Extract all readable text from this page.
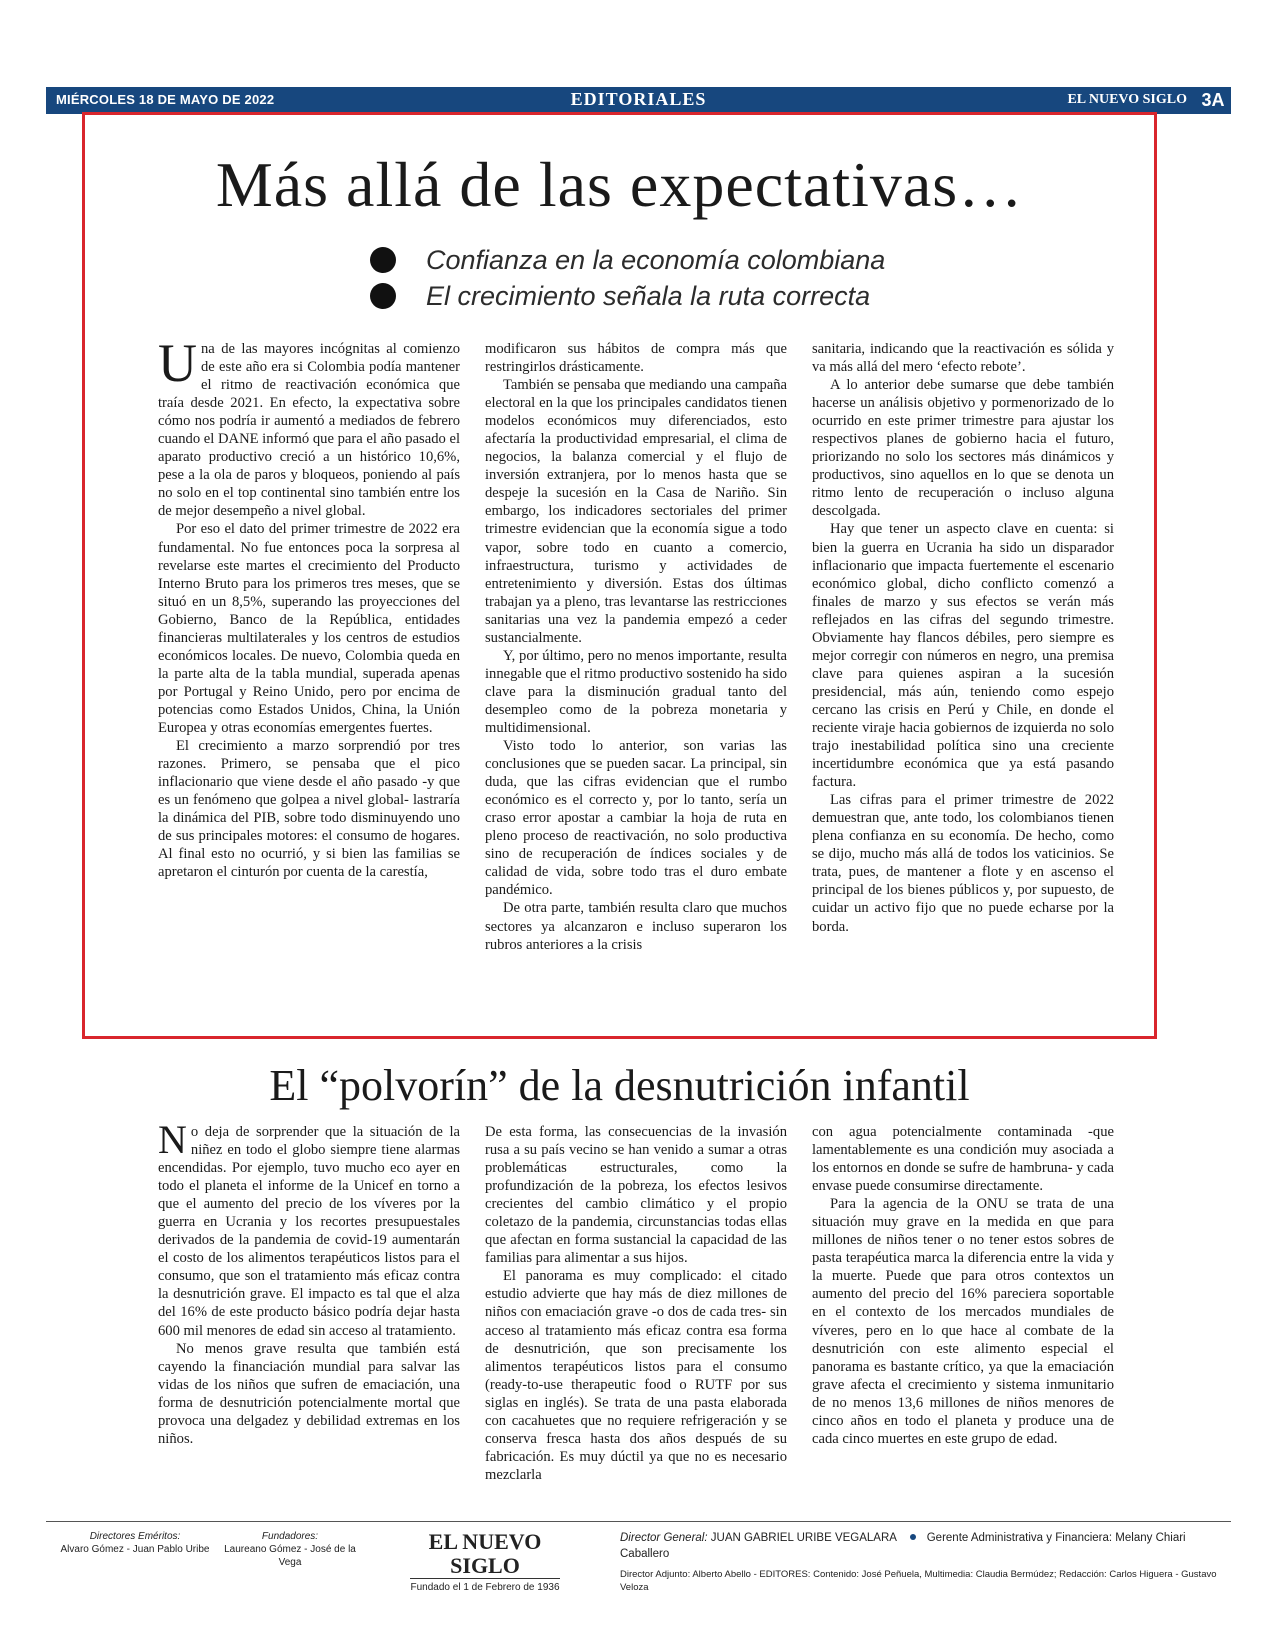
MIÉRCOLES 18 DE MAYO DE 2022	EDITORIALES	EL NUEVO SIGLO 3A
Más allá de las expectativas…
Confianza en la economía colombiana
El crecimiento señala la ruta correcta

Una de las mayores incógnitas al comienzo de este año era si Colombia podía mantener el ritmo de reactivación económica que traía desde 2021. En efecto, la expectativa sobre cómo nos podría ir aumentó a mediados de febrero cuando el DANE informó que para el año pasado el aparato productivo creció a un histórico 10,6%, pese a la ola de paros y bloqueos, poniendo al país no solo en el top continental sino también entre los de mejor desempeño a nivel global.

Por eso el dato del primer trimestre de 2022 era fundamental. No fue entonces poca la sorpresa al revelarse este martes el crecimiento del Producto Interno Bruto para los primeros tres meses, que se situó en un 8,5%, superando las proyecciones del Gobierno, Banco de la República, entidades financieras multilaterales y los centros de estudios económicos locales. De nuevo, Colombia queda en la parte alta de la tabla mundial, superada apenas por Portugal y Reino Unido, pero por encima de potencias como Estados Unidos, China, la Unión Europea y otras economías emergentes fuertes.

El crecimiento a marzo sorprendió por tres razones. Primero, se pensaba que el pico inflacionario que viene desde el año pasado -y que es un fenómeno que golpea a nivel global- lastraría la dinámica del PIB, sobre todo disminuyendo uno de sus principales motores: el consumo de hogares. Al final esto no ocurrió, y si bien las familias se apretaron el cinturón por cuenta de la carestía,

modificaron sus hábitos de compra más que restringirlos drásticamente.

También se pensaba que mediando una campaña electoral en la que los principales candidatos tienen modelos económicos muy diferenciados, esto afectaría la productividad empresarial, el clima de negocios, la balanza comercial y el flujo de inversión extranjera, por lo menos hasta que se despeje la sucesión en la Casa de Nariño. Sin embargo, los indicadores sectoriales del primer trimestre evidencian que la economía sigue a todo vapor, sobre todo en cuanto a comercio, infraestructura, turismo y actividades de entretenimiento y diversión. Estas dos últimas trabajan ya a pleno, tras levantarse las restricciones sanitarias una vez la pandemia empezó a ceder sustancialmente.

Y, por último, pero no menos importante, resulta innegable que el ritmo productivo sostenido ha sido clave para la disminución gradual tanto del desempleo como de la pobreza monetaria y multidimensional.

Visto todo lo anterior, son varias las conclusiones que se pueden sacar. La principal, sin duda, que las cifras evidencian que el rumbo económico es el correcto y, por lo tanto, sería un craso error apostar a cambiar la hoja de ruta en pleno proceso de reactivación, no solo productiva sino de recuperación de índices sociales y de calidad de vida, sobre todo tras el duro embate pandémico.

De otra parte, también resulta claro que muchos sectores ya alcanzaron e incluso superaron los rubros anteriores a la crisis

sanitaria, indicando que la reactivación es sólida y va más allá del mero ‘efecto rebote’.

A lo anterior debe sumarse que debe también hacerse un análisis objetivo y pormenorizado de lo ocurrido en este primer trimestre para ajustar los respectivos planes de gobierno hacia el futuro, priorizando no solo los sectores más dinámicos y productivos, sino aquellos en lo que se denota un ritmo lento de recuperación o incluso alguna descolgada.

Hay que tener un aspecto clave en cuenta: si bien la guerra en Ucrania ha sido un disparador inflacionario que impacta fuertemente el escenario económico global, dicho conflicto comenzó a finales de marzo y sus efectos se verán más reflejados en las cifras del segundo trimestre. Obviamente hay flancos débiles, pero siempre es mejor corregir con números en negro, una premisa clave para quienes aspiran a la sucesión presidencial, más aún, teniendo como espejo cercano las crisis en Perú y Chile, en donde el reciente viraje hacia gobiernos de izquierda no solo trajo inestabilidad política sino una creciente incertidumbre económica que ya está pasando factura.

Las cifras para el primer trimestre de 2022 demuestran que, ante todo, los colombianos tienen plena confianza en su economía. De hecho, como se dijo, mucho más allá de todos los vaticinios. Se trata, pues, de mantener a flote y en ascenso el principal de los bienes públicos y, por supuesto, de cuidar un activo fijo que no puede echarse por la borda.

El “polvorín” de la desnutrición infantil

No deja de sorprender que la situación de la niñez en todo el globo siempre tiene alarmas encendidas. Por ejemplo, tuvo mucho eco ayer en todo el planeta el informe de la Unicef en torno a que el aumento del precio de los víveres por la guerra en Ucrania y los recortes presupuestales derivados de la pandemia de covid-19 aumentarán el costo de los alimentos terapéuticos listos para el consumo, que son el tratamiento más eficaz contra la desnutrición grave. El impacto es tal que el alza del 16% de este producto básico podría dejar hasta 600 mil menores de edad sin acceso al tratamiento.

No menos grave resulta que también está cayendo la financiación mundial para salvar las vidas de los niños que sufren de emaciación, una forma de desnutrición potencialmente mortal que provoca una delgadez y debilidad extremas en los niños.

De esta forma, las consecuencias de la invasión rusa a su país vecino se han venido a sumar a otras problemáticas estructurales, como la profundización de la pobreza, los efectos lesivos crecientes del cambio climático y el propio coletazo de la pandemia, circunstancias todas ellas que afectan en forma sustancial la capacidad de las familias para alimentar a sus hijos.

El panorama es muy complicado: el citado estudio advierte que hay más de diez millones de niños con emaciación grave -o dos de cada tres- sin acceso al tratamiento más eficaz contra esa forma de desnutrición, que son precisamente los alimentos terapéuticos listos para el consumo (ready-to-use therapeutic food o RUTF por sus siglas en inglés). Se trata de una pasta elaborada con cacahuetes que no requiere refrigeración y se conserva fresca hasta dos años después de su fabricación. Es muy dúctil ya que no es necesario mezclarla

con agua potencialmente contaminada -que lamentablemente es una condición muy asociada a los entornos en donde se sufre de hambruna- y cada envase puede consumirse directamente.

Para la agencia de la ONU se trata de una situación muy grave en la medida en que para millones de niños tener o no tener estos sobres de pasta terapéutica marca la diferencia entre la vida y la muerte. Puede que para otros contextos un aumento del precio del 16% pareciera soportable en el contexto de los mercados mundiales de víveres, pero en lo que hace al combate de la desnutrición con este alimento especial el panorama es bastante crítico, ya que la emaciación grave afecta el crecimiento y sistema inmunitario de no menos 13,6 millones de niños menores de cinco años en todo el planeta y produce una de cada cinco muertes en este grupo de edad.

Directores Eméritos:
Alvaro Gómez - Juan Pablo Uribe
Fundadores:
Laureano Gómez - José de la Vega
EL NUEVO SIGLO
Fundado el 1 de Febrero de 1936
Director General: JUAN GABRIEL URIBE VEGALARA	Gerente Administrativa y Financiera: Melany Chiari Caballero
Director Adjunto: Alberto Abello - EDITORES: Contenido: José Peñuela, Multimedia: Claudia Bermúdez; Redacción: Carlos Higuera - Gustavo Veloza
